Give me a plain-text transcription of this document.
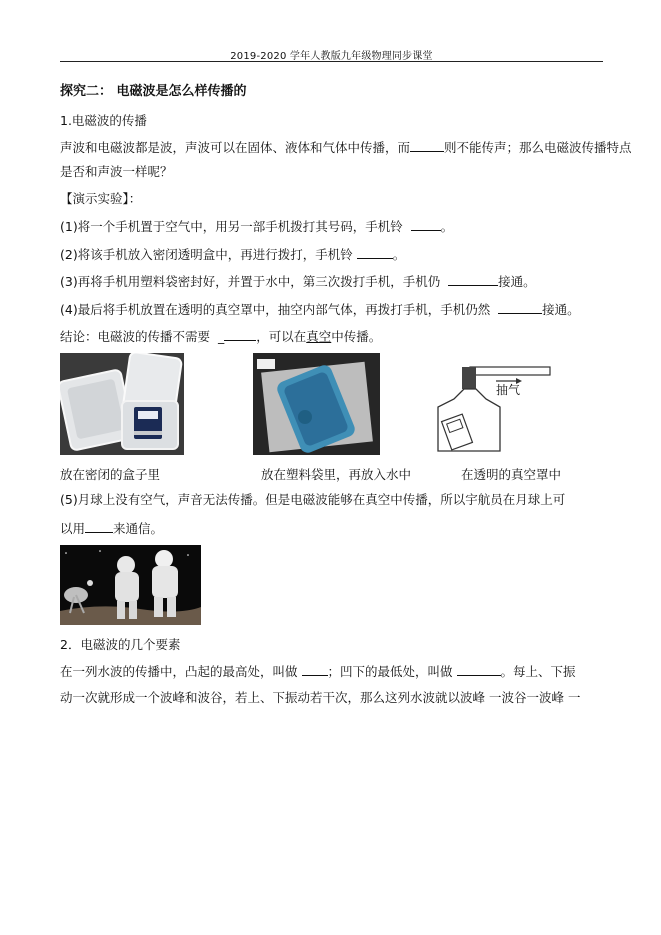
2019-2020 学年人教版九年级物理同步课堂
探究二： 电磁波是怎么样传播的
1.电磁波的传播
声波和电磁波都是波，声波可以在固体、液体和气体中传播，而	则不能传声；那么电磁波传播特点
是否和声波一样呢？
【演示实验】：
(1)将一个手机置于空气中，用另一部手机拨打其号码，手机铃	。
(2)将该手机放入密闭透明盒中，再进行拨打，手机铃	。
(3)再将手机用塑料袋密封好，并置于水中，第三次拨打手机，手机仍	接通。
(4)最后将手机放置在透明的真空罩中，抽空内部气体，再拨打手机，手机仍然	接通。
结论：电磁波的传播不需要 _	，可以在真空中传播。
抽气
放在密闭的盒子里	放在塑料袋里，再放入水中	在透明的真空罩中
(5)月球上没有空气，声音无法传播。但是电磁波能够在真空中传播，所以宇航员在月球上可
以用 来通信。
2．电磁波的几个要素
在一列水波的传播中，凸起的最高处，叫做 ；凹下的最低处，叫做	。每上、下振
动一次就形成一个波峰和波谷，若上、下振动若干次，那么这列水波就以波峰 一波谷一波峰 一
